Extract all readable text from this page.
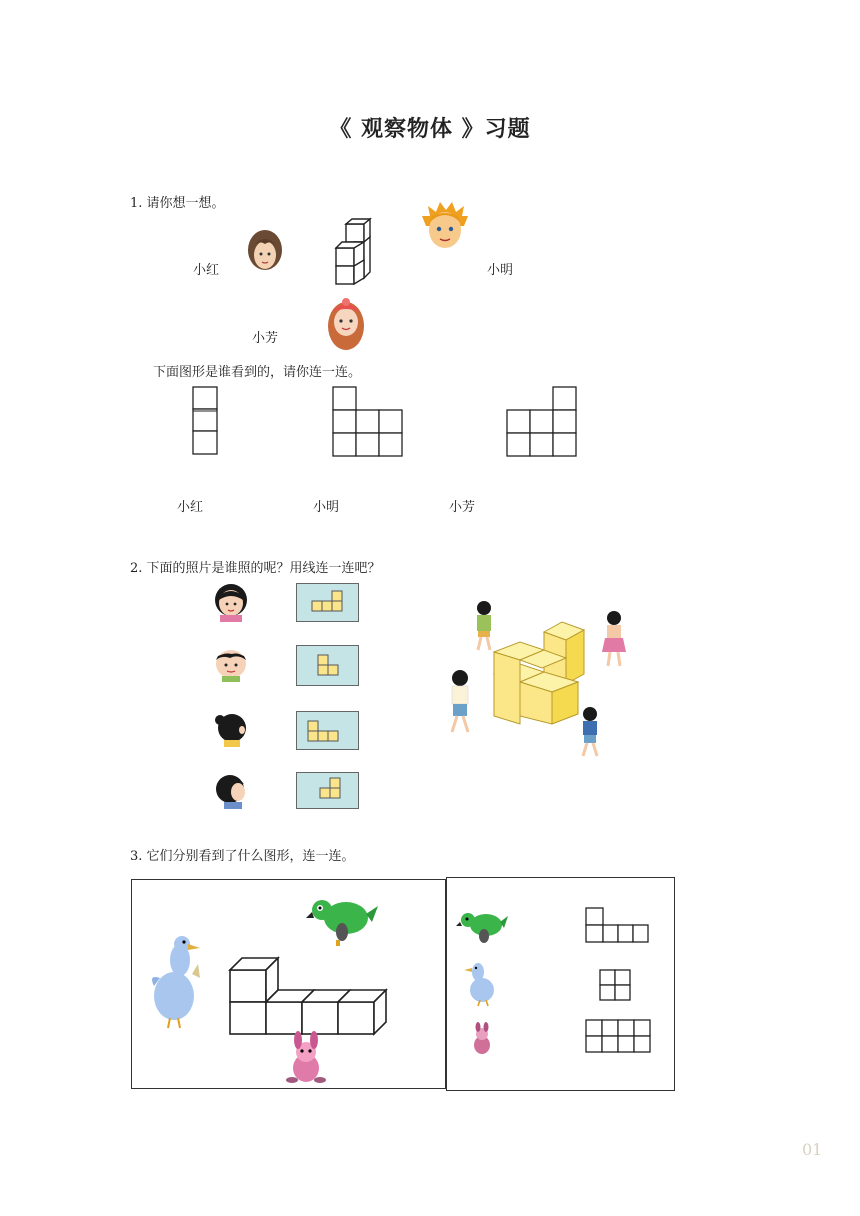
《 观察物体 》习题
1. 请你想一想。
小红	小明
小芳
下面图形是谁看到的，请你连一连。
小红	小明	小芳
2. 下面的照片是谁照的呢？用线连一连吧？
3. 它们分别看到了什么图形，连一连。
01
